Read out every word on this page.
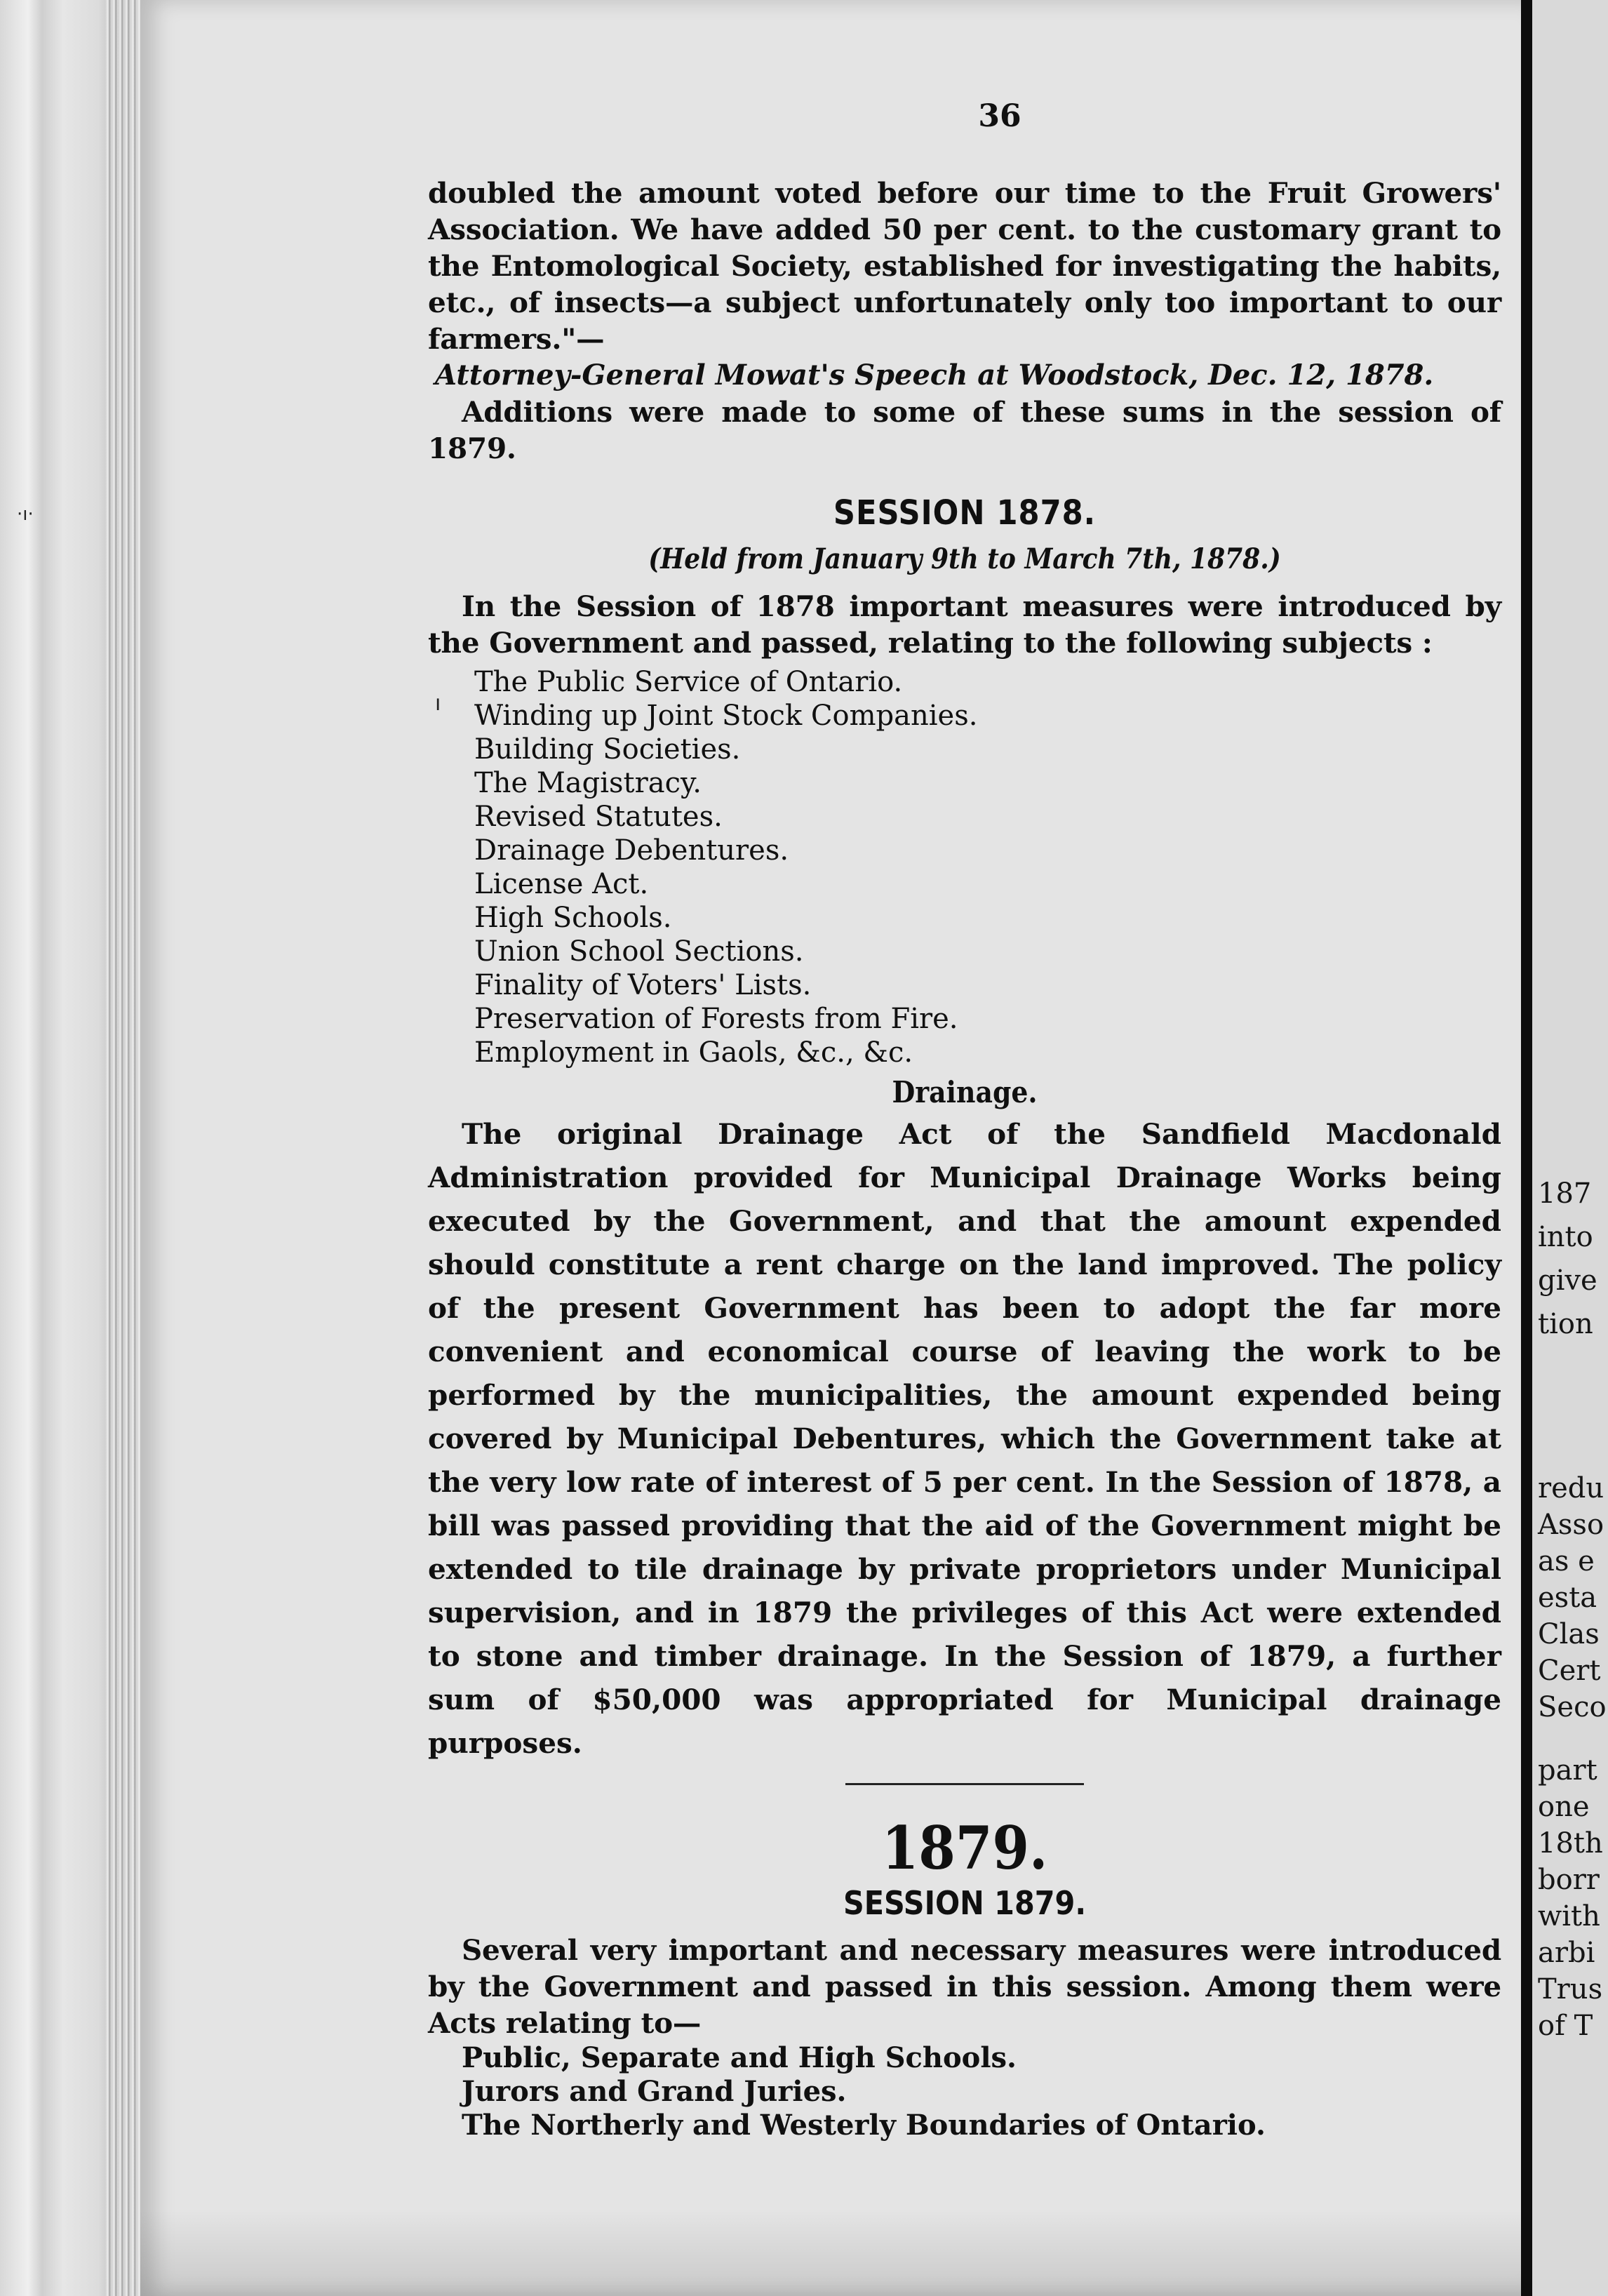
·ı·
ı
36

doubled the amount voted before our time to the Fruit Growers' Association. We have added 50 per cent. to the customary grant to the Entomological Society, established for investigating the habits, etc., of insects—a subject unfortunately only too important to our farmers."—

Attorney-General Mowat's Speech at Woodstock, Dec. 12, 1878.

Additions were made to some of these sums in the session of 1879.

SESSION 1878.
(Held from January 9th to March 7th, 1878.)

In the Session of 1878 important measures were introduced by the Government and passed, relating to the following subjects :

The Public Service of Ontario.
Winding up Joint Stock Companies.
Building Societies.
The Magistracy.
Revised Statutes.
Drainage Debentures.
License Act.
High Schools.
Union School Sections.
Finality of Voters' Lists.
Preservation of Forests from Fire.
Employment in Gaols, &c., &c.
Drainage.

The original Drainage Act of the Sandfield Macdonald Administration provided for Municipal Drainage Works being executed by the Government, and that the amount expended should constitute a rent charge on the land improved. The policy of the present Government has been to adopt the far more convenient and economical course of leaving the work to be performed by the municipalities, the amount expended being covered by Municipal Debentures, which the Government take at the very low rate of interest of 5 per cent. In the Session of 1878, a bill was passed providing that the aid of the Government might be extended to tile drainage by private proprietors under Municipal supervision, and in 1879 the privileges of this Act were extended to stone and timber drainage. In the Session of 1879, a further sum of $50,000 was appropriated for Municipal drainage purposes.

1879.
SESSION 1879.

Several very important and necessary measures were introduced by the Government and passed in this session. Among them were Acts relating to—

Public, Separate and High Schools.
Jurors and Grand Juries.
The Northerly and Westerly Boundaries of Ontario.
187
into
give
tion
redu
Asso
as e
esta
Clas
Cert
Seco
part
one
18th
borr
with
arbi
Trus
of T
